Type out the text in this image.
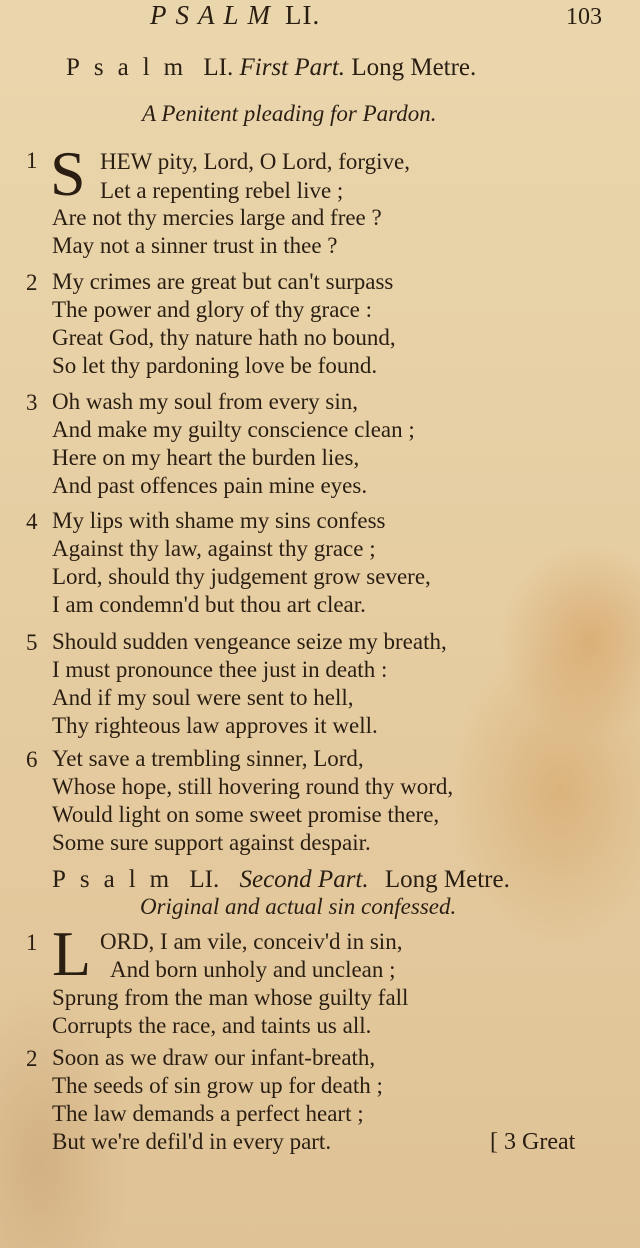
PSALM LI.	103
Psalm LI. First Part. Long Metre.
A Penitent pleading for Pardon.
1 S HEW pity, Lord, O Lord, forgive,
Let a repenting rebel live ;
Are not thy mercies large and free ?
May not a sinner trust in thee ?
2 My crimes are great but can't surpass
The power and glory of thy grace :
Great God, thy nature hath no bound,
So let thy pardoning love be found.
3 Oh wash my soul from every sin,
And make my guilty conscience clean ;
Here on my heart the burden lies,
And past offences pain mine eyes.
4 My lips with shame my sins confess
Against thy law, against thy grace ;
Lord, should thy judgement grow severe,
I am condemn'd but thou art clear.
5 Should sudden vengeance seize my breath,
I must pronounce thee just in death :
And if my soul were sent to hell,
Thy righteous law approves it well.
6 Yet save a trembling sinner, Lord,
Whose hope, still hovering round thy word,
Would light on some sweet promise there,
Some sure support against despair.
Psalm LI. Second Part. Long Metre.
Original and actual sin confessed.
1 L ORD, I am vile, conceiv'd in sin,
And born unholy and unclean ;
Sprung from the man whose guilty fall
Corrupts the race, and taints us all.
2 Soon as we draw our infant-breath,
The seeds of sin grow up for death ;
The law demands a perfect heart ;
But we're defil'd in every part.	[ 3 Great
